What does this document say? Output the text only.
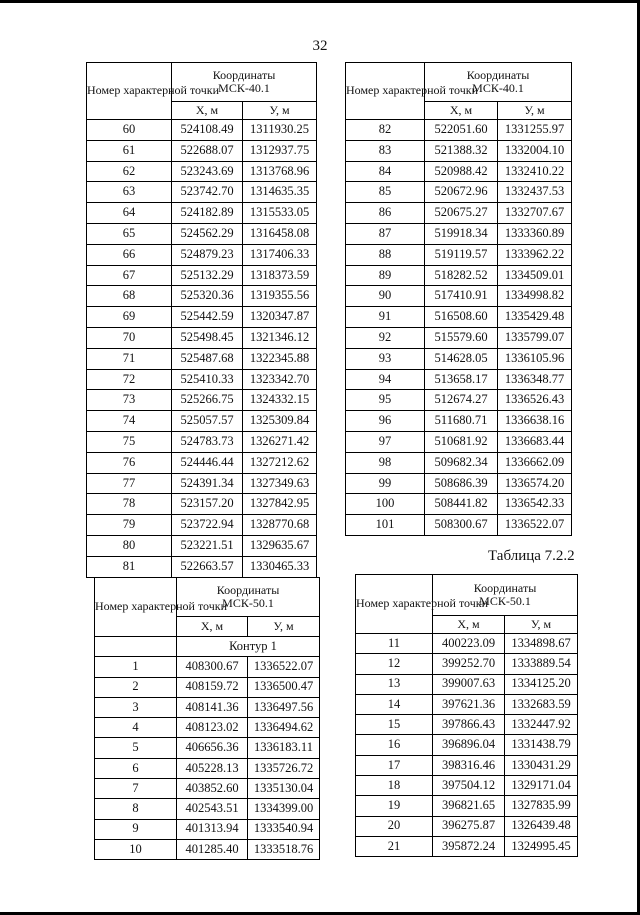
32
Таблица 7.2.2
Номер характерной точки	Координаты
МСК-40.1	
	X, м	У, м
60	524108.49	1311930.25
61	522688.07	1312937.75
62	523243.69	1313768.96
63	523742.70	1314635.35
64	524182.89	1315533.05
65	524562.29	1316458.08
66	524879.23	1317406.33
67	525132.29	1318373.59
68	525320.36	1319355.56
69	525442.59	1320347.87
70	525498.45	1321346.12
71	525487.68	1322345.88
72	525410.33	1323342.70
73	525266.75	1324332.15
74	525057.57	1325309.84
75	524783.73	1326271.42
76	524446.44	1327212.62
77	524391.34	1327349.63
78	523157.20	1327842.95
79	523722.94	1328770.68
80	523221.51	1329635.67
81	522663.57	1330465.33
Номер характерной точки	Координаты
МСК-40.1	
	X, м	У, м
82	522051.60	1331255.97
83	521388.32	1332004.10
84	520988.42	1332410.22
85	520672.96	1332437.53
86	520675.27	1332707.67
87	519918.34	1333360.89
88	519119.57	1333962.22
89	518282.52	1334509.01
90	517410.91	1334998.82
91	516508.60	1335429.48
92	515579.60	1335799.07
93	514628.05	1336105.96
94	513658.17	1336348.77
95	512674.27	1336526.43
96	511680.71	1336638.16
97	510681.92	1336683.44
98	509682.34	1336662.09
99	508686.39	1336574.20
100	508441.82	1336542.33
101	508300.67	1336522.07
Номер характерной точки	Координаты
МСК-50.1	
	X, м	У, м
	Контур 1	
1	408300.67	1336522.07
2	408159.72	1336500.47
3	408141.36	1336497.56
4	408123.02	1336494.62
5	406656.36	1336183.11
6	405228.13	1335726.72
7	403852.60	1335130.04
8	402543.51	1334399.00
9	401313.94	1333540.94
10	401285.40	1333518.76
Номер характерной точки	Координаты
МСК-50.1	
	X, м	У, м
11	400223.09	1334898.67
12	399252.70	1333889.54
13	399007.63	1334125.20
14	397621.36	1332683.59
15	397866.43	1332447.92
16	396896.04	1331438.79
17	398316.46	1330431.29
18	397504.12	1329171.04
19	396821.65	1327835.99
20	396275.87	1326439.48
21	395872.24	1324995.45
